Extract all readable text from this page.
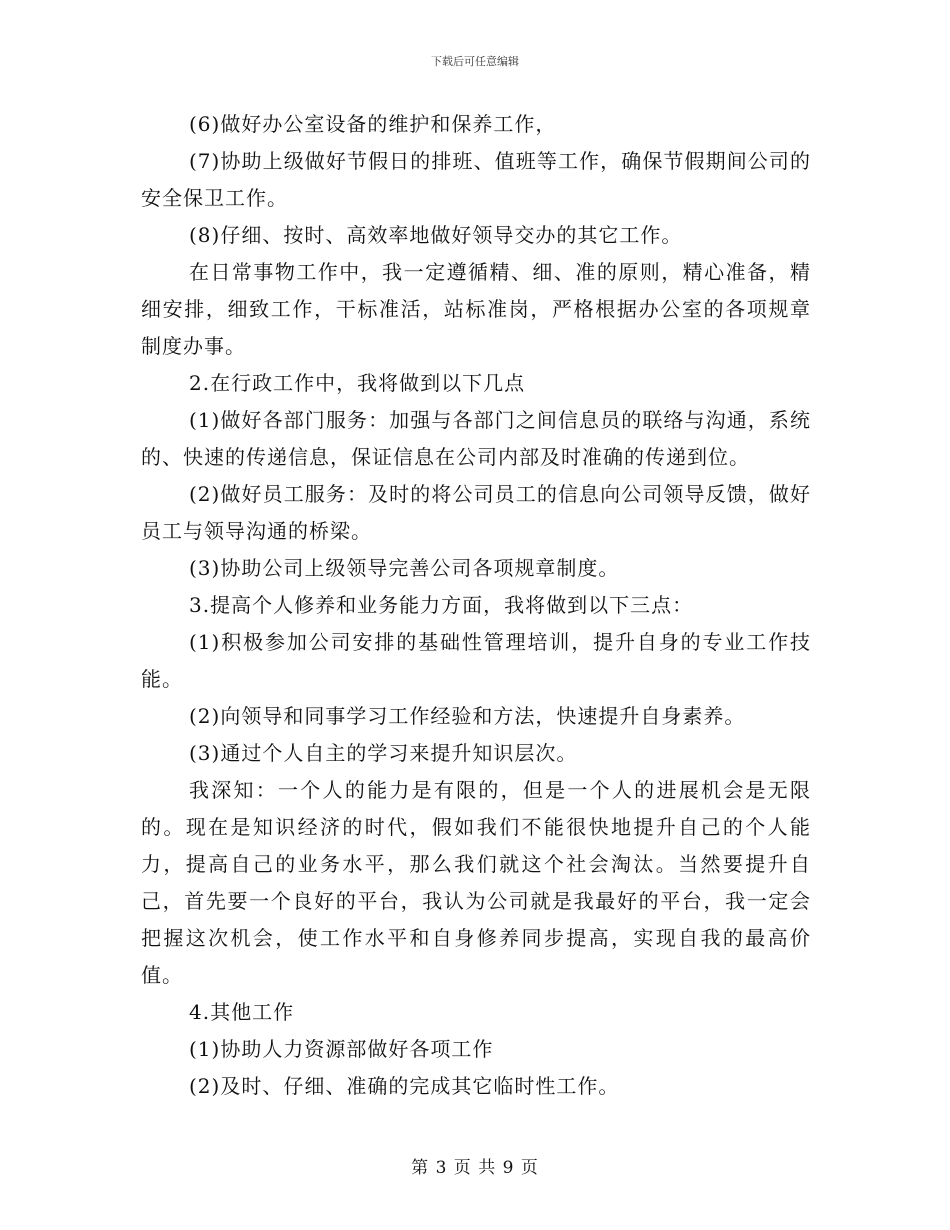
下载后可任意编辑

(6)做好办公室设备的维护和保养工作，

(7)协助上级做好节假日的排班、值班等工作，确保节假期间公司的安全保卫工作。

(8)仔细、按时、高效率地做好领导交办的其它工作。

在日常事物工作中，我一定遵循精、细、准的原则，精心准备，精细安排，细致工作，干标准活，站标准岗，严格根据办公室的各项规章制度办事。

2.在行政工作中，我将做到以下几点

(1)做好各部门服务：加强与各部门之间信息员的联络与沟通，系统的、快速的传递信息，保证信息在公司内部及时准确的传递到位。

(2)做好员工服务：及时的将公司员工的信息向公司领导反馈，做好员工与领导沟通的桥梁。

(3)协助公司上级领导完善公司各项规章制度。

3.提高个人修养和业务能力方面，我将做到以下三点：

(1)积极参加公司安排的基础性管理培训，提升自身的专业工作技能。

(2)向领导和同事学习工作经验和方法，快速提升自身素养。

(3)通过个人自主的学习来提升知识层次。

我深知：一个人的能力是有限的，但是一个人的进展机会是无限的。现在是知识经济的时代，假如我们不能很快地提升自己的个人能力，提高自己的业务水平，那么我们就这个社会淘汰。当然要提升自己，首先要一个良好的平台，我认为公司就是我最好的平台，我一定会把握这次机会，使工作水平和自身修养同步提高，实现自我的最高价值。

4.其他工作

(1)协助人力资源部做好各项工作

(2)及时、仔细、准确的完成其它临时性工作。

第 3 页 共 9 页
